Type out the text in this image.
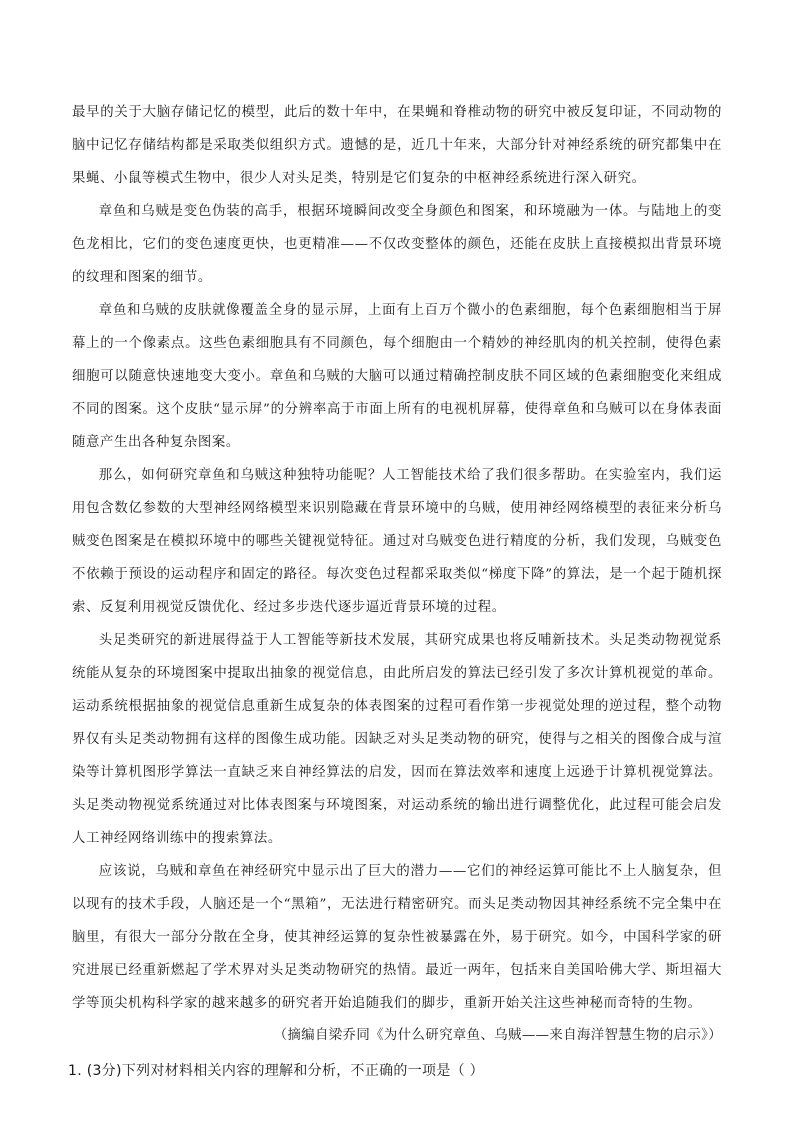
最早的关于大脑存储记忆的模型，此后的数十年中，在果蝇和脊椎动物的研究中被反复印证，不同动物的脑中记忆存储结构都是采取类似组织方式。遗憾的是，近几十年来，大部分针对神经系统的研究都集中在果蝇、小鼠等模式生物中，很少人对头足类，特别是它们复杂的中枢神经系统进行深入研究。

章鱼和乌贼是变色伪装的高手，根据环境瞬间改变全身颜色和图案，和环境融为一体。与陆地上的变色龙相比，它们的变色速度更快，也更精准——不仅改变整体的颜色，还能在皮肤上直接模拟出背景环境的纹理和图案的细节。

章鱼和乌贼的皮肤就像覆盖全身的显示屏，上面有上百万个微小的色素细胞，每个色素细胞相当于屏幕上的一个像素点。这些色素细胞具有不同颜色，每个细胞由一个精妙的神经肌肉的机关控制，使得色素细胞可以随意快速地变大变小。章鱼和乌贼的大脑可以通过精确控制皮肤不同区域的色素细胞变化来组成不同的图案。这个皮肤“显示屏”的分辨率高于市面上所有的电视机屏幕，使得章鱼和乌贼可以在身体表面随意产生出各种复杂图案。

那么，如何研究章鱼和乌贼这种独特功能呢？人工智能技术给了我们很多帮助。在实验室内，我们运用包含数亿参数的大型神经网络模型来识别隐藏在背景环境中的乌贼，使用神经网络模型的表征来分析乌贼变色图案是在模拟环境中的哪些关键视觉特征。通过对乌贼变色进行精度的分析，我们发现，乌贼变色不依赖于预设的运动程序和固定的路径。每次变色过程都采取类似“梯度下降”的算法，是一个起于随机探索、反复利用视觉反馈优化、经过多步迭代逐步逼近背景环境的过程。

头足类研究的新进展得益于人工智能等新技术发展，其研究成果也将反哺新技术。头足类动物视觉系统能从复杂的环境图案中提取出抽象的视觉信息，由此所启发的算法已经引发了多次计算机视觉的革命。运动系统根据抽象的视觉信息重新生成复杂的体表图案的过程可看作第一步视觉处理的逆过程，整个动物界仅有头足类动物拥有这样的图像生成功能。因缺乏对头足类动物的研究，使得与之相关的图像合成与渲染等计算机图形学算法一直缺乏来自神经算法的启发，因而在算法效率和速度上远逊于计算机视觉算法。头足类动物视觉系统通过对比体表图案与环境图案，对运动系统的输出进行调整优化，此过程可能会启发人工神经网络训练中的搜索算法。

应该说，乌贼和章鱼在神经研究中显示出了巨大的潜力——它们的神经运算可能比不上人脑复杂，但以现有的技术手段，人脑还是一个“黑箱”，无法进行精密研究。而头足类动物因其神经系统不完全集中在脑里，有很大一部分分散在全身，使其神经运算的复杂性被暴露在外，易于研究。如今，中国科学家的研究进展已经重新燃起了学术界对头足类动物研究的热情。最近一两年，包括来自美国哈佛大学、斯坦福大学等顶尖机构科学家的越来越多的研究者开始追随我们的脚步，重新开始关注这些神秘而奇特的生物。

（摘编自梁乔同《为什么研究章鱼、乌贼——来自海洋智慧生物的启示》）

1. (3分)下列对材料相关内容的理解和分析，不正确的一项是（ ）
